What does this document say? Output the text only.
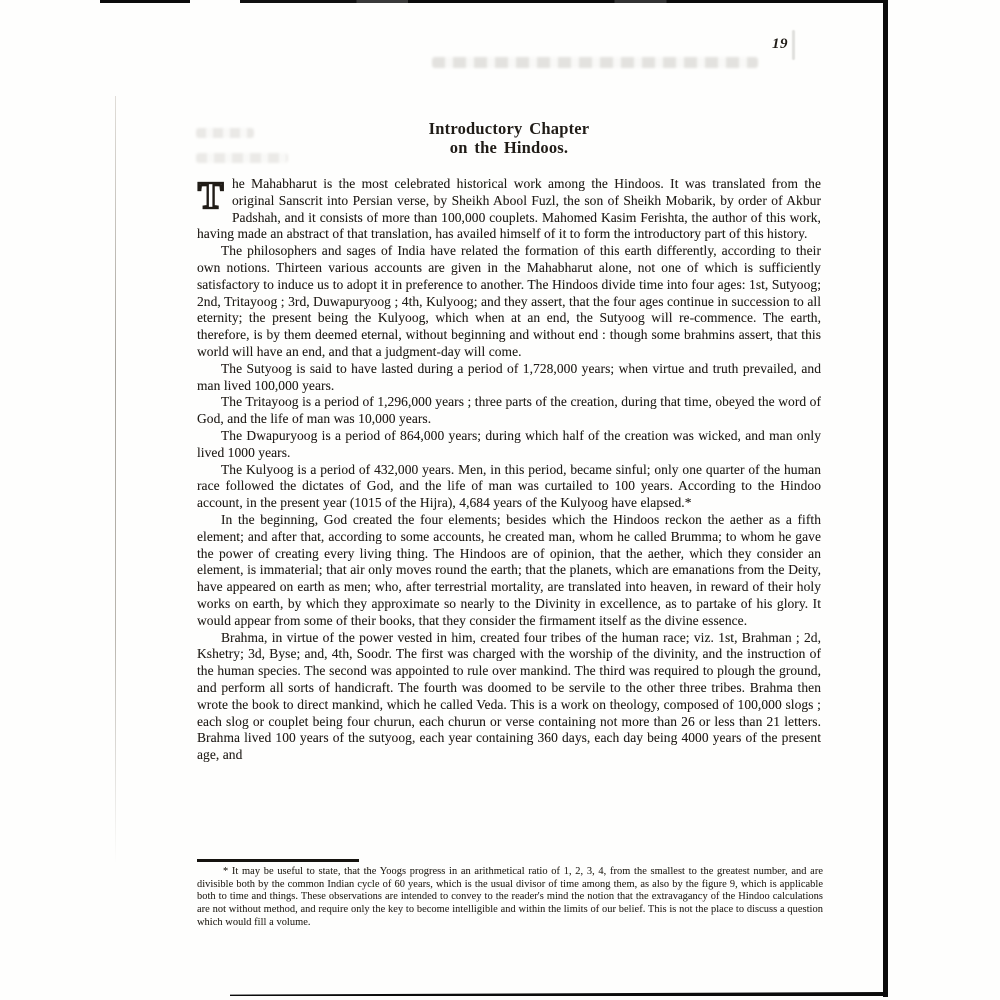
19
Introductory Chapter
on the Hindoos.

T he Mahabharut is the most celebrated historical work among the Hindoos. It was translated from the original Sanscrit into Persian verse, by Sheikh Abool Fuzl, the son of Sheikh Mobarik, by order of Akbur Padshah, and it consists of more than 100,000 couplets. Mahomed Kasim Ferishta, the author of this work, having made an abstract of that translation, has availed himself of it to form the introductory part of this history.

The philosophers and sages of India have related the formation of this earth differently, according to their own notions. Thirteen various accounts are given in the Mahabharut alone, not one of which is sufficiently satisfactory to induce us to adopt it in preference to another. The Hindoos divide time into four ages: 1st, Sutyoog; 2nd, Tritayoog ; 3rd, Duwapuryoog ; 4th, Kulyoog; and they assert, that the four ages continue in succession to all eternity; the present being the Kulyoog, which when at an end, the Sutyoog will re-commence. The earth, therefore, is by them deemed eternal, without beginning and without end : though some brahmins assert, that this world will have an end, and that a judgment-day will come.

The Sutyoog is said to have lasted during a period of 1,728,000 years; when virtue and truth prevailed, and man lived 100,000 years.

The Tritayoog is a period of 1,296,000 years ; three parts of the creation, during that time, obeyed the word of God, and the life of man was 10,000 years.

The Dwapuryoog is a period of 864,000 years; during which half of the creation was wicked, and man only lived 1000 years.

The Kulyoog is a period of 432,000 years. Men, in this period, became sinful; only one quarter of the human race followed the dictates of God, and the life of man was curtailed to 100 years. According to the Hindoo account, in the present year (1015 of the Hijra), 4,684 years of the Kulyoog have elapsed.*

In the beginning, God created the four elements; besides which the Hindoos reckon the aether as a fifth element; and after that, according to some accounts, he created man, whom he called Brumma; to whom he gave the power of creating every living thing. The Hindoos are of opinion, that the aether, which they consider an element, is immaterial; that air only moves round the earth; that the planets, which are emanations from the Deity, have appeared on earth as men; who, after terrestrial mortality, are translated into heaven, in reward of their holy works on earth, by which they approximate so nearly to the Divinity in excellence, as to partake of his glory. It would appear from some of their books, that they consider the firmament itself as the divine essence.

Brahma, in virtue of the power vested in him, created four tribes of the human race; viz. 1st, Brahman ; 2d, Kshetry; 3d, Byse; and, 4th, Soodr. The first was charged with the worship of the divinity, and the instruction of the human species. The second was appointed to rule over mankind. The third was required to plough the ground, and perform all sorts of handicraft. The fourth was doomed to be servile to the other three tribes. Brahma then wrote the book to direct mankind, which he called Veda. This is a work on theology, composed of 100,000 slogs ; each slog or couplet being four churun, each churun or verse containing not more than 26 or less than 21 letters. Brahma lived 100 years of the sutyoog, each year containing 360 days, each day being 4000 years of the present age, and

* It may be useful to state, that the Yoogs progress in an arithmetical ratio of 1, 2, 3, 4, from the smallest to the greatest number, and are divisible both by the common Indian cycle of 60 years, which is the usual divisor of time among them, as also by the figure 9, which is applicable both to time and things. These observations are intended to convey to the reader's mind the notion that the extravagancy of the Hindoo calculations are not without method, and require only the key to become intelligible and within the limits of our belief. This is not the place to discuss a question which would fill a volume.
